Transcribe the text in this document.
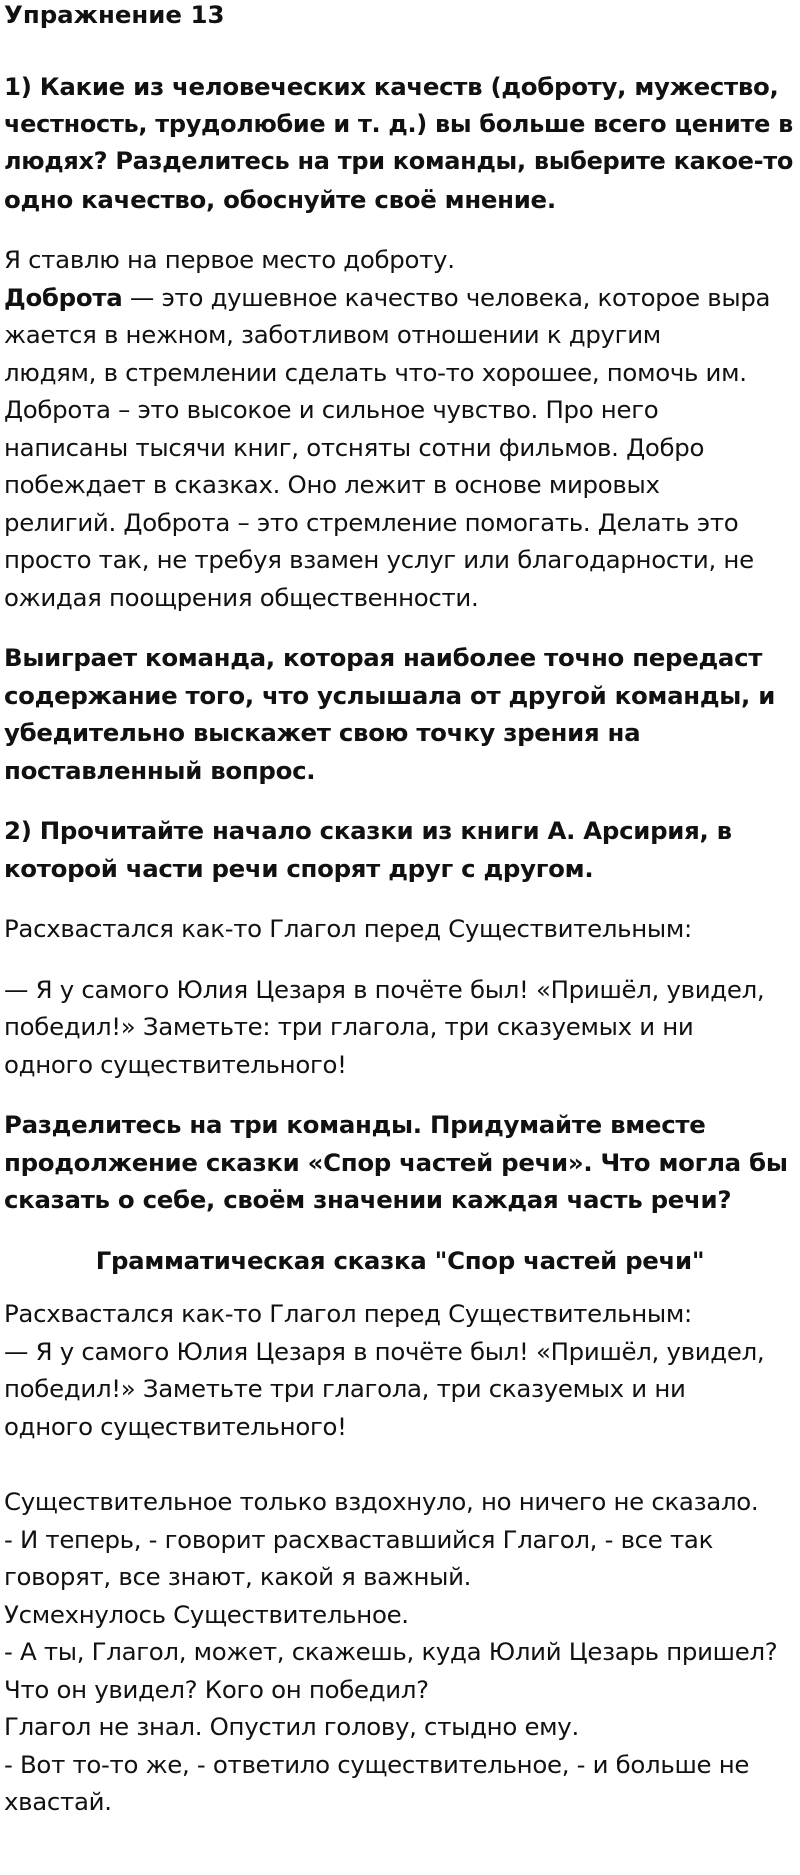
Упражнение 13
1) Какие из человеческих качеств (доброту, мужество,
честность, трудолюбие и т. д.) вы больше всего цените в
людях? Разделитесь на три команды, выберите какое-то
одно качество, обоснуйте своё мнение.
Я ставлю на первое место доброту.
Доброта — это душевное качество человека, которое выра
жается в нежном, заботливом отношении к другим
людям, в стремлении сделать что-то хорошее, помочь им.
Доброта – это высокое и сильное чувство. Про него
написаны тысячи книг, отсняты сотни фильмов. Добро
побеждает в сказках. Оно лежит в основе мировых
религий. Доброта – это стремление помогать. Делать это
просто так, не требуя взамен услуг или благодарности, не
ожидая поощрения общественности.
Выиграет команда, которая наиболее точно передаст
содержание того, что услышала от другой команды, и
убедительно выскажет свою точку зрения на
поставленный вопрос.
2) Прочитайте начало сказки из книги А. Арсирия, в
которой части речи спорят друг с другом.
Расхвастался как-то Глагол перед Существительным:
— Я у самого Юлия Цезаря в почёте был! «Пришёл, увидел,
победил!» Заметьте: три глагола, три сказуемых и ни
одного существительного!
Разделитесь на три команды. Придумайте вместе
продолжение сказки «Спор частей речи». Что могла бы
сказать о себе, своём значении каждая часть речи?
Грамматическая сказка "Спор частей речи"
Расхвастался как-то Глагол перед Существительным:
— Я у самого Юлия Цезаря в почёте был! «Пришёл, увидел,
победил!» Заметьте три глагола, три сказуемых и ни
одного существительного!
Существительное только вздохнуло, но ничего не сказало.
- И теперь, - говорит расхваставшийся Глагол, - все так
говорят, все знают, какой я важный.
Усмехнулось Существительное.
- А ты, Глагол, может, скажешь, куда Юлий Цезарь пришел?
Что он увидел? Кого он победил?
Глагол не знал. Опустил голову, стыдно ему.
- Вот то-то же, - ответило существительное, - и больше не
хвастай.
